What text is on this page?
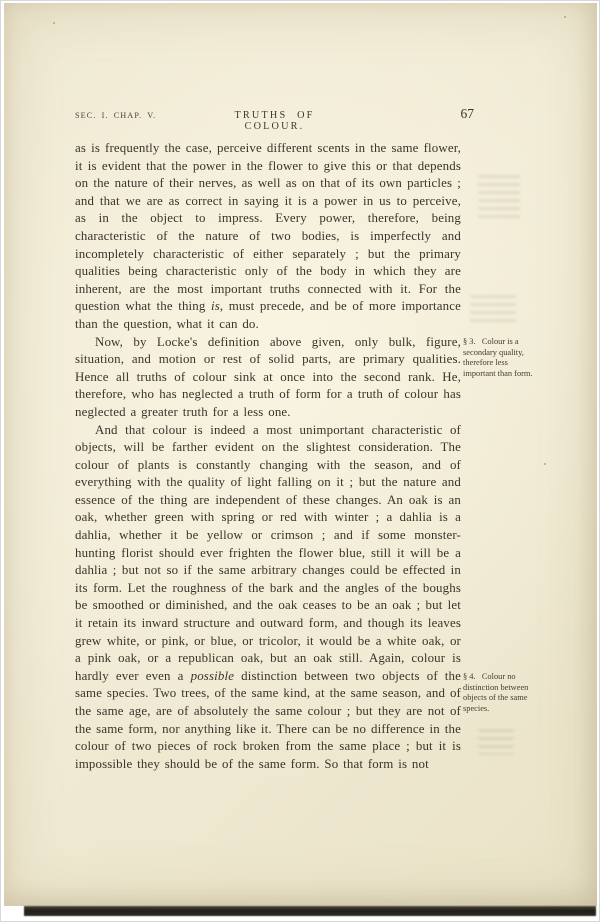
SEC. I. CHAP. V.	TRUTHS OF COLOUR.
67

as is frequently the case, perceive different scents in the same flower, it is evident that the power in the flower to give this or that depends on the nature of their nerves, as well as on that of its own particles ; and that we are as correct in saying it is a power in us to perceive, as in the object to impress. Every power, therefore, being characteristic of the nature of two bodies, is imperfectly and incompletely characteristic of either separately ; but the primary qualities being characteristic only of the body in which they are inherent, are the most important truths connected with it. For the question what the thing is, must precede, and be of more importance than the question, what it can do.

Now, by Locke's definition above given, only bulk, figure, situation, and motion or rest of solid parts, are primary qualities. Hence all truths of colour sink at once into the second rank. He, therefore, who has neglected a truth of form for a truth of colour has neglected a greater truth for a less one.

And that colour is indeed a most unimportant characteristic of objects, will be farther evident on the slightest consideration. The colour of plants is constantly changing with the season, and of everything with the quality of light falling on it ; but the nature and essence of the thing are independent of these changes. An oak is an oak, whether green with spring or red with winter ; a dahlia is a dahlia, whether it be yellow or crimson ; and if some monster-hunting florist should ever frighten the flower blue, still it will be a dahlia ; but not so if the same arbitrary changes could be effected in its form. Let the roughness of the bark and the angles of the boughs be smoothed or diminished, and the oak ceases to be an oak ; but let it retain its inward structure and outward form, and though its leaves grew white, or pink, or blue, or tricolor, it would be a white oak, or a pink oak, or a republican oak, but an oak still. Again, colour is hardly ever even a possible distinction between two objects of the same species. Two trees, of the same kind, at the same season, and of the same age, are of absolutely the same colour ; but they are not of the same form, nor anything like it. There can be no difference in the colour of two pieces of rock broken from the same place ; but it is impossible they should be of the same form. So that form is not

§ 3.  Colour is a secondary quality, therefore less important than form.
§ 4.  Colour no distinction between objects of the same species.
